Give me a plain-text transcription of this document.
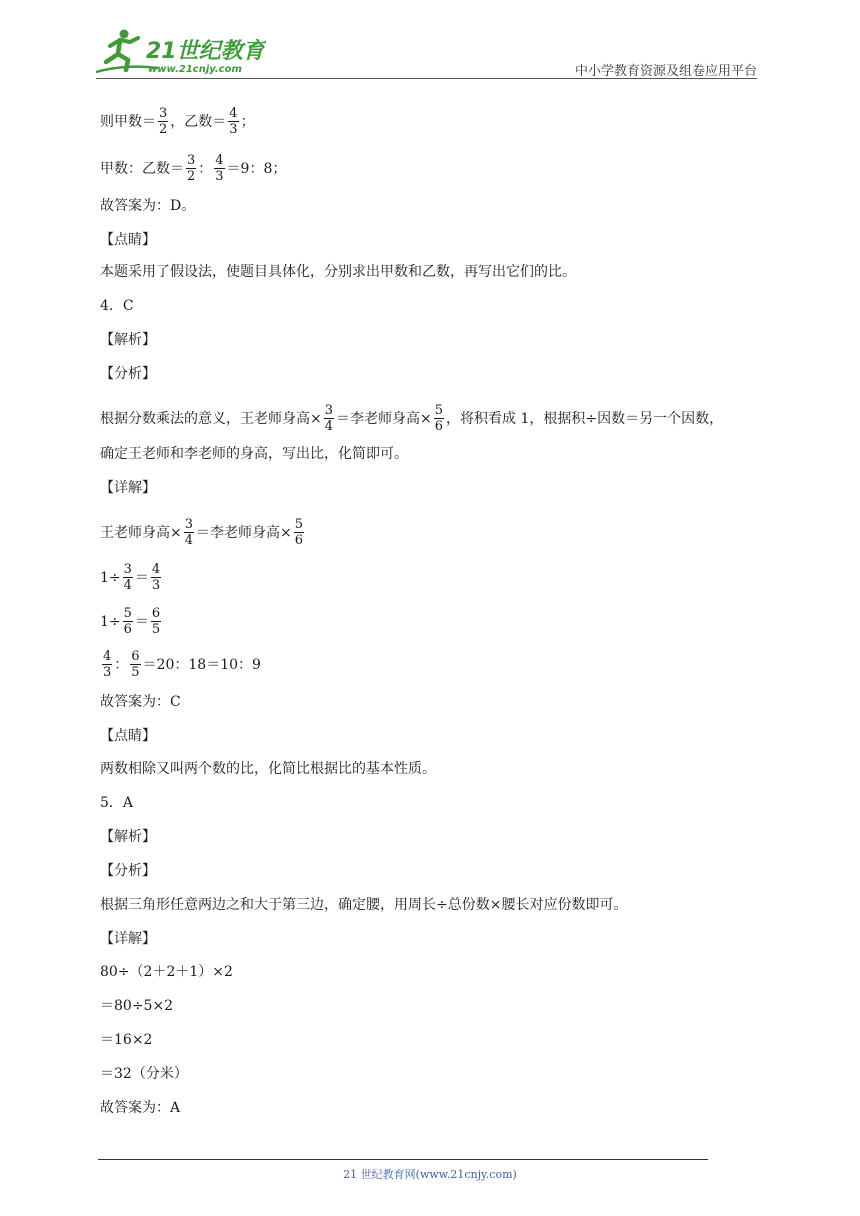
21世纪教育
www.21cnjy.com	中小学教育资源及组卷应用平台
则甲数＝ $\frac{3}{2}$ ，乙数＝ $\frac{4}{3}$ ；
甲数：乙数＝ $\frac{3}{2}$ ： $\frac{4}{3} =9$：8；
故答案为：D。
【点睛】
本题采用了假设法，使题目具体化，分别求出甲数和乙数，再写出它们的比。
4．C
【解析】
【分析】
根据分数乘法的意义，王老师身高× $\frac{3}{4}$ ＝李老师身高× $\frac{5}{6}$ ，将积看成 1，根据积÷因数＝另一个因数，
确定王老师和李老师的身高，写出比，化简即可。
【详解】
王老师身高× $\frac{3}{4}$ ＝李老师身高× $\frac{5}{6}$
$1\div \frac{3}{4} = \frac{4}{3}$
$1\div \frac{5}{6} = \frac{6}{5}$
$\frac{4}{3}$ ： $\frac{6}{5} =20$：18＝10：9
故答案为：C
【点睛】
两数相除又叫两个数的比，化简比根据比的基本性质。
5．A
【解析】
【分析】
根据三角形任意两边之和大于第三边，确定腰，用周长÷总份数×腰长对应份数即可。
【详解】
80÷（2＋2＋1）×2
＝80÷5×2
＝16×2
＝32（分米）
故答案为：A
21 世纪教育网(www.21cnjy.com)
